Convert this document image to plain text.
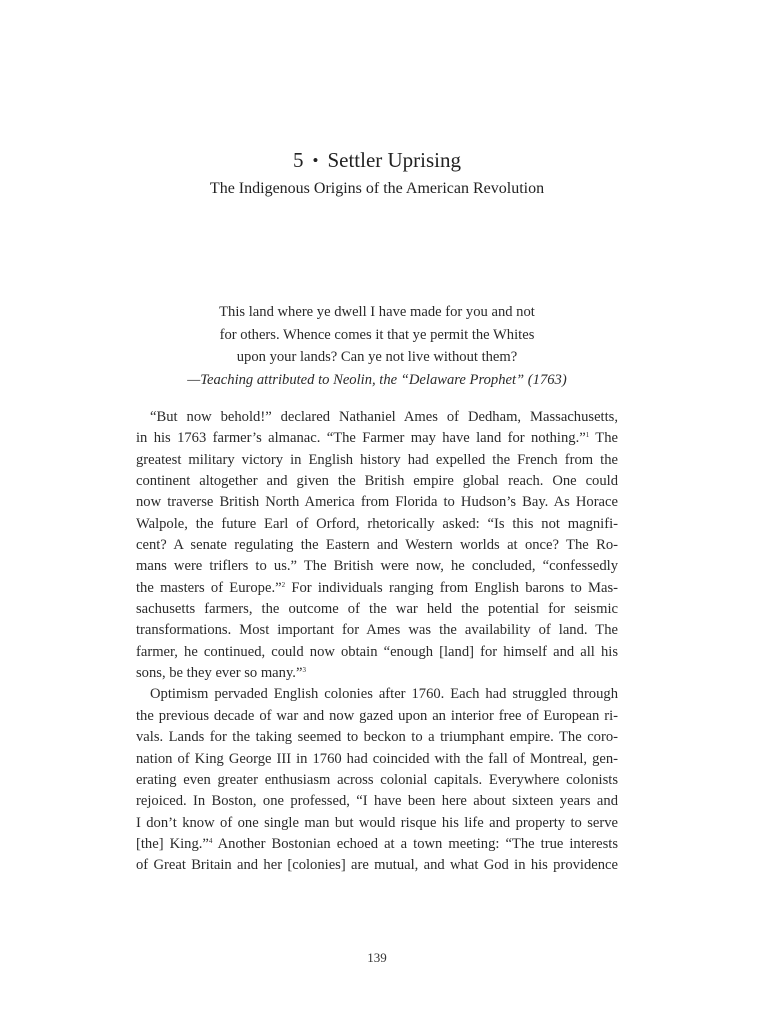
5 • Settler Uprising
The Indigenous Origins of the American Revolution
This land where ye dwell I have made for you and not
for others. Whence comes it that ye permit the Whites
upon your lands? Can ye not live without them?
—Teaching attributed to Neolin, the “Delaware Prophet” (1763)
“But now behold!” declared Nathaniel Ames of Dedham, Massachusetts,
in his 1763 farmer’s almanac. “The Farmer may have land for nothing.”$^1$ The
greatest military victory in English history had expelled the French from the
continent altogether and given the British empire global reach. One could
now traverse British North America from Florida to Hudson’s Bay. As Horace
Walpole, the future Earl of Orford, rhetorically asked: “Is this not magnifi-
cent? A senate regulating the Eastern and Western worlds at once? The Ro-
mans were triflers to us.” The British were now, he concluded, “confessedly
the masters of Europe.”$^2$ For individuals ranging from English barons to Mas-
sachusetts farmers, the outcome of the war held the potential for seismic
transformations. Most important for Ames was the availability of land. The
farmer, he continued, could now obtain “enough [land] for himself and all his
sons, be they ever so many.”$^3$
Optimism pervaded English colonies after 1760. Each had struggled through
the previous decade of war and now gazed upon an interior free of European ri-
vals. Lands for the taking seemed to beckon to a triumphant empire. The coro-
nation of King George III in 1760 had coincided with the fall of Montreal, gen-
erating even greater enthusiasm across colonial capitals. Everywhere colonists
rejoiced. In Boston, one professed, “I have been here about sixteen years and
I don’t know of one single man but would risque his life and property to serve
[the] King.”$^4$ Another Bostonian echoed at a town meeting: “The true interests
of Great Britain and her [colonies] are mutual, and what God in his providence
139
